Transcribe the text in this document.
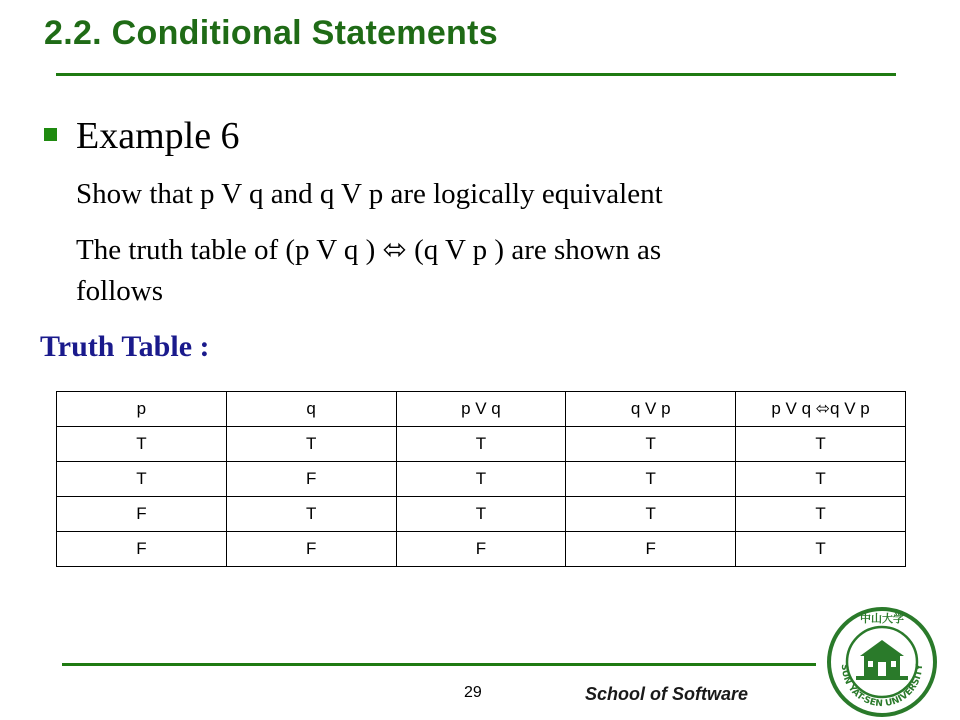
2.2. Conditional Statements
Example 6
Show that p V q and q V p are logically equivalent
The truth table of (p V q ) ⬄ (q V p ) are shown as
follows
Truth Table :
p	q	p V q	q V p	p V q ⬄q V p
T	T	T	T	T
T	F	T	T	T
F	T	T	T	T
F	F	F	F	T
29	School of Software
SUN YAT-SEN UNIVERSITY
中山大学
